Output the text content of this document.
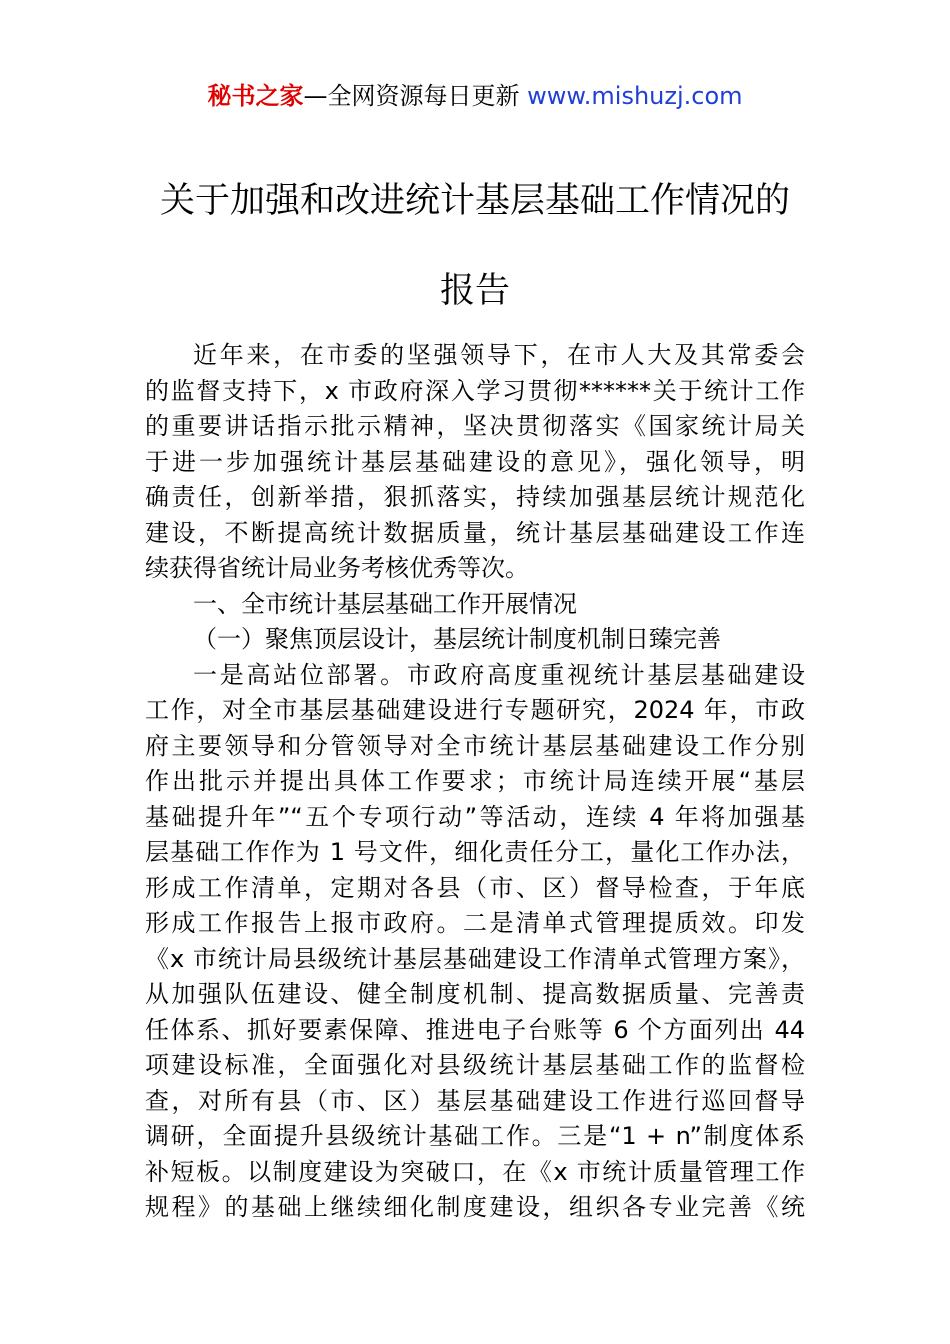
秘书之家—全网资源每日更新 www.mishuzj.com
关于加强和改进统计基层基础工作情况的
报告
近年来，在市委的坚强领导下，在市人大及其常委会
的监督支持下，x 市政府深入学习贯彻******关于统计工作
的重要讲话指示批示精神，坚决贯彻落实《国家统计局关
于进一步加强统计基层基础建设的意见》，强化领导，明
确责任，创新举措，狠抓落实，持续加强基层统计规范化
建设，不断提高统计数据质量，统计基层基础建设工作连
续获得省统计局业务考核优秀等次。
一、全市统计基层基础工作开展情况
（一）聚焦顶层设计，基层统计制度机制日臻完善
一是高站位部署。市政府高度重视统计基层基础建设
工作，对全市基层基础建设进行专题研究，2024 年，市政
府主要领导和分管领导对全市统计基层基础建设工作分别
作出批示并提出具体工作要求；市统计局连续开展“基层
基础提升年”“五个专项行动”等活动，连续 4 年将加强基
层基础工作作为 1 号文件，细化责任分工，量化工作办法，
形成工作清单，定期对各县（市、区）督导检查，于年底
形成工作报告上报市政府。二是清单式管理提质效。印发
《x 市统计局县级统计基层基础建设工作清单式管理方案》，
从加强队伍建设、健全制度机制、提高数据质量、完善责
任体系、抓好要素保障、推进电子台账等 6 个方面列出 44
项建设标准，全面强化对县级统计基层基础工作的监督检
查，对所有县（市、区）基层基础建设工作进行巡回督导
调研，全面提升县级统计基础工作。三是“1 + n”制度体系
补短板。以制度建设为突破口，在《x 市统计质量管理工作
规程》的基础上继续细化制度建设，组织各专业完善《统
